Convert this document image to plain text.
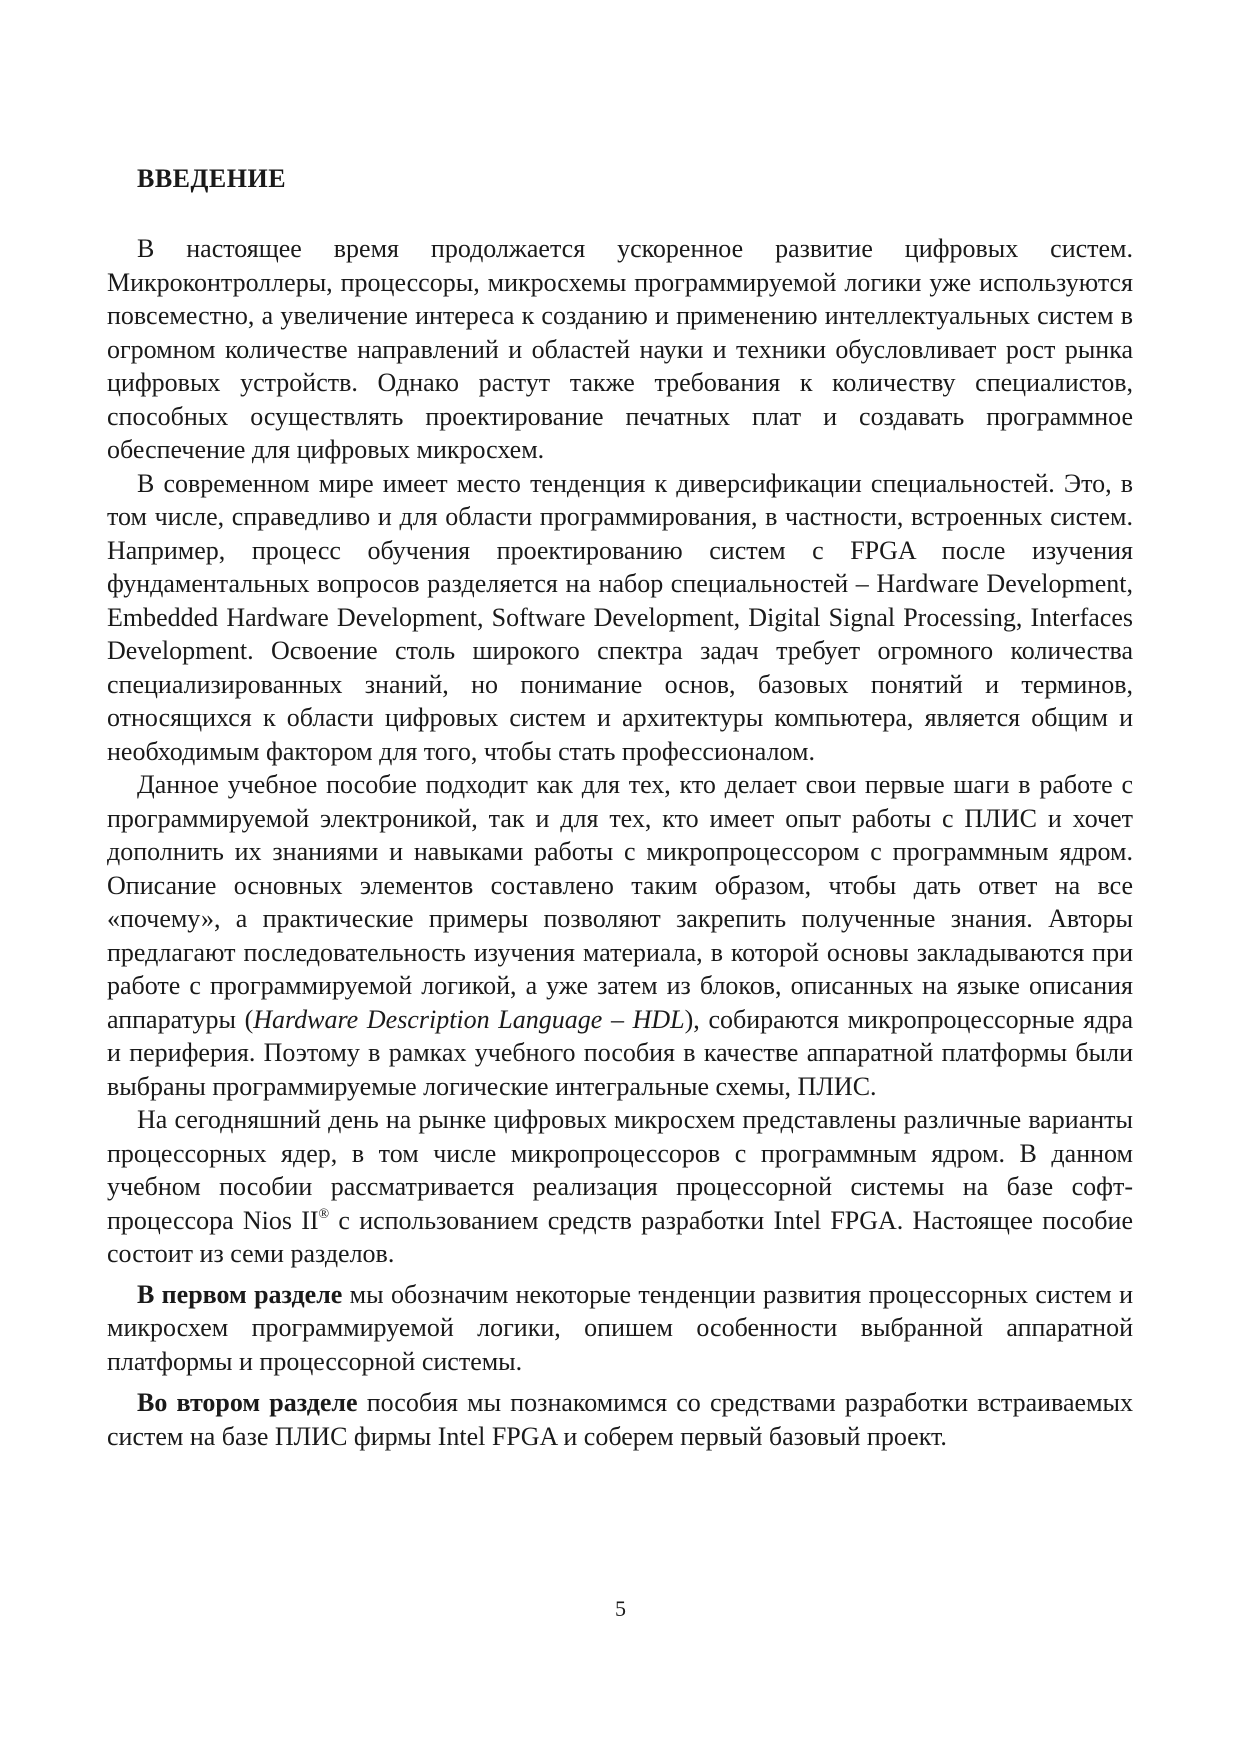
ВВЕДЕНИЕ

В настоящее время продолжается ускоренное развитие цифровых систем. Микроконтроллеры, процессоры, микросхемы программируемой логики уже используются повсеместно, а увеличение интереса к созданию и применению интеллектуальных систем в огромном количестве направлений и областей науки и техники обусловливает рост рынка цифровых устройств. Однако растут также требования к количеству специалистов, способных осуществлять проектирование печатных плат и создавать программное обеспечение для цифровых микросхем.

В современном мире имеет место тенденция к диверсификации специальностей. Это, в том числе, справедливо и для области программирования, в частности, встроенных систем. Например, процесс обучения проектированию систем с FPGA после изучения фундаментальных вопросов разделяется на набор специальностей – Hardware Development, Embedded Hardware Development, Software Development, Digital Signal Processing, Interfaces Development. Освоение столь широкого спектра задач требует огромного количества специализированных знаний, но понимание основ, базовых понятий и терминов, относящихся к области цифровых систем и архитектуры компьютера, является общим и необходимым фактором для того, чтобы стать профессионалом.

Данное учебное пособие подходит как для тех, кто делает свои первые шаги в работе с программируемой электроникой, так и для тех, кто имеет опыт работы с ПЛИС и хочет дополнить их знаниями и навыками работы с микропроцессором с программным ядром. Описание основных элементов составлено таким образом, чтобы дать ответ на все «почему», а практические примеры позволяют закрепить полученные знания. Авторы предлагают последовательность изучения материала, в которой основы закладываются при работе с программируемой логикой, а уже затем из блоков, описанных на языке описания аппаратуры (Hardware Description Language – HDL), собираются микропроцессорные ядра и периферия. Поэтому в рамках учебного пособия в качестве аппаратной платформы были выбраны программируемые логические интегральные схемы, ПЛИС.

На сегодняшний день на рынке цифровых микросхем представлены различные варианты процессорных ядер, в том числе микропроцессоров с программным ядром. В данном учебном пособии рассматривается реализация процессорной системы на базе софт-процессора Nios II® с использованием средств разработки Intel FPGA. Настоящее пособие состоит из семи разделов.

В первом разделе мы обозначим некоторые тенденции развития процессорных систем и микросхем программируемой логики, опишем особенности выбранной аппаратной платформы и процессорной системы.

Во втором разделе пособия мы познакомимся со средствами разработки встраиваемых систем на базе ПЛИС фирмы Intel FPGA и соберем первый базовый проект.

5
